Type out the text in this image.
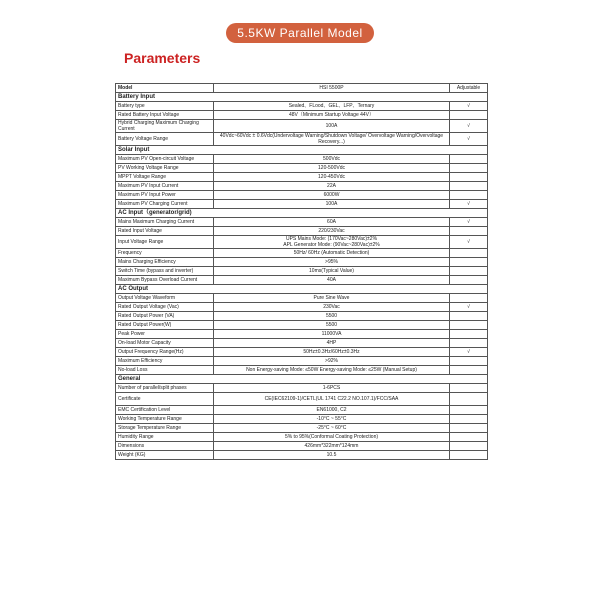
5.5KW Parallel Model
Parameters
Model	HSI 5500P	Adjustable
Battery Input		
Battery type	Sealed、FLood、GEL、LFP、Ternary	√
Rated Battery Input Voltage	48V（Minimum Startup Voltage 44V）	
Hybrid Charging Maximum Charging Current	100A	√
Battery Voltage Range	40Vdc~60Vdc ± 0.6Vdc(Undervoltage Warning/Shutdown Voltage/ Overvoltage Warning/Overvoltage Recovery...)	√
Solar Input		
Maximum PV Open-circuit Voltage	500Vdc	
PV Working Voltage Range	120-500Vdc	
MPPT Voltage Range	120-450Vdc	
Maximum PV Input Current	22A	
Maximum PV Input Power	6000W	
Maximum PV Charging Current	100A	√
AC Input（generator/grid)		
Mains Maximum Charging Current	60A	√
Rated Input Voltage	220/230Vac	
Input Voltage Range	UPS Mains Mode: (170Vac~280Vac)±2%
APL Generator Mode: (90Vac~280Vac)±2%	√
Frequency	50Hz/ 60Hz (Automatic Detection)	
Mains Charging Efficiency	>95%	
Switch Time (bypass and inverter)	10ms(Typical Value)	
Maximum Bypass Overload Current	40A	
AC Output		
Output Voltage Waveform	Pure Sine Wave	
Rated Output Voltage (Vac)	230Vac	√
Rated Output Power (VA)	5500	
Rated Output Power(W)	5500	
Peak Power	11000VA	
On-load Motor Capacity	4HP	
Output Frequency Range(Hz)	50Hz±0.3Hz/60Hz±0.3Hz	√
Maximum Efficiency	>92%	
No-load Loss	Non Energy-saving Mode: ≤50W Energy-saving Mode: ≤25W (Manual Setup)	
General		
Number of parallel/split phases	1-6PCS	
Certificate	CE(IEC62109-1)/CETL(UL 1741 C22.2 NO.107.1)/FCC/SAA	
EMC Certification Level	EN61000, C2	
Working Temperature Range	-10°C ~ 55°C	
Storage Temperature Range	-25°C ~ 60°C	
Humidity Range	5% to 95%(Conformal Coating Protection)	
Dimensions	426mm*322mm*124mm	
Weight (KG)	10.5	
